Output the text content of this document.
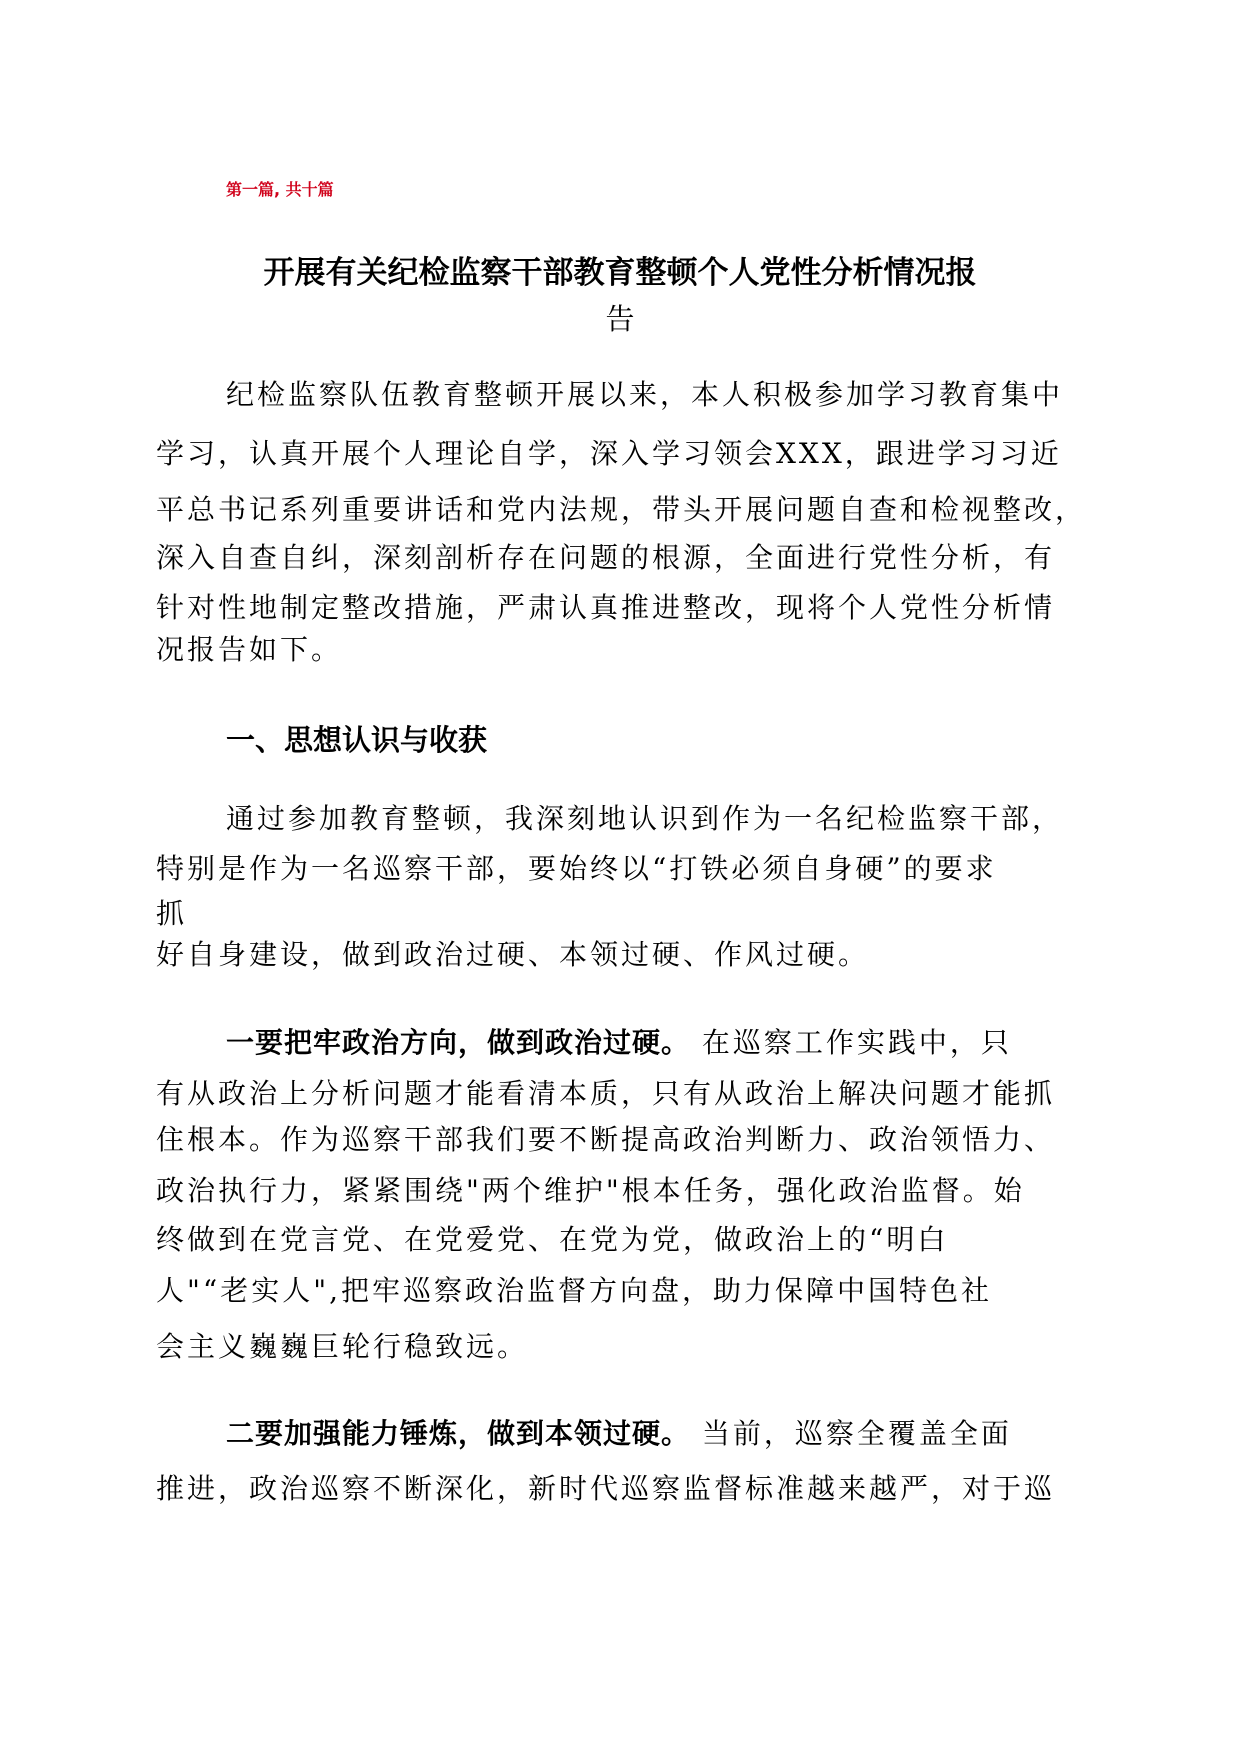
第一篇, 共十篇
开展有关纪检监察干部教育整顿个人党性分析情况报
告
纪检监察队伍教育整顿开展以来，本人积极参加学习教育集中
学习，认真开展个人理论自学，深入学习领会XXX，跟进学习习近
平总书记系列重要讲话和党内法规，带头开展问题自查和检视整改，
深入自查自纠，深刻剖析存在问题的根源，全面进行党性分析，有
针对性地制定整改措施，严肃认真推进整改，现将个人党性分析情
况报告如下。
一、思想认识与收获
通过参加教育整顿，我深刻地认识到作为一名纪检监察干部，
特别是作为一名巡察干部，要始终以“打铁必须自身硬”的要求
抓
好自身建设，做到政治过硬、本领过硬、作风过硬。
一要把牢政治方向，做到政治过硬。 在巡察工作实践中，只
有从政治上分析问题才能看清本质，只有从政治上解决问题才能抓
住根本。作为巡察干部我们要不断提高政治判断力、政治领悟力、
政治执行力，紧紧围绕"两个维护"根本任务，强化政治监督。始
终做到在党言党、在党爱党、在党为党，做政治上的“明白
人"“老实人",把牢巡察政治监督方向盘，助力保障中国特色社
会主义巍巍巨轮行稳致远。
二要加强能力锤炼，做到本领过硬。 当前，巡察全覆盖全面
推进，政治巡察不断深化，新时代巡察监督标准越来越严，对于巡
